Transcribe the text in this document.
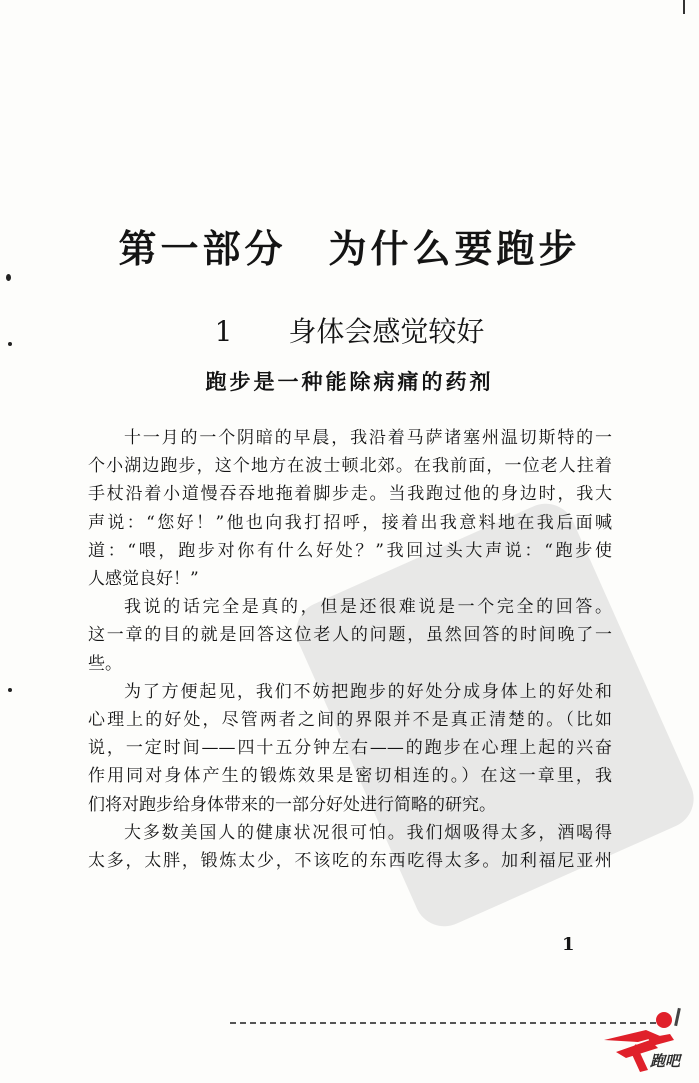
第一部分　为什么要跑步
1　　身体会感觉较好
跑步是一种能除病痛的药剂

十一月的一个阴暗的早晨，我沿着马萨诸塞州温切斯特的一
个小湖边跑步，这个地方在波士顿北郊。在我前面，一位老人拄着
手杖沿着小道慢吞吞地拖着脚步走。当我跑过他的身边时，我大
声说：“您好！”他也向我打招呼，接着出我意料地在我后面喊
道：“喂，跑步对你有什么好处？”我回过头大声说：“跑步使
人感觉良好！”

我说的话完全是真的，但是还很难说是一个完全的回答。
这一章的目的就是回答这位老人的问题，虽然回答的时间晚了一
些。

为了方便起见，我们不妨把跑步的好处分成身体上的好处和
心理上的好处，尽管两者之间的界限并不是真正清楚的。（比如
说，一定时间——四十五分钟左右——的跑步在心理上起的兴奋
作用同对身体产生的锻炼效果是密切相连的。）在这一章里，我
们将对跑步给身体带来的一部分好处进行简略的研究。

大多数美国人的健康状况很可怕。我们烟吸得太多，酒喝得
太多，太胖，锻炼太少，不该吃的东西吃得太多。加利福尼亚州

1
跑吧
